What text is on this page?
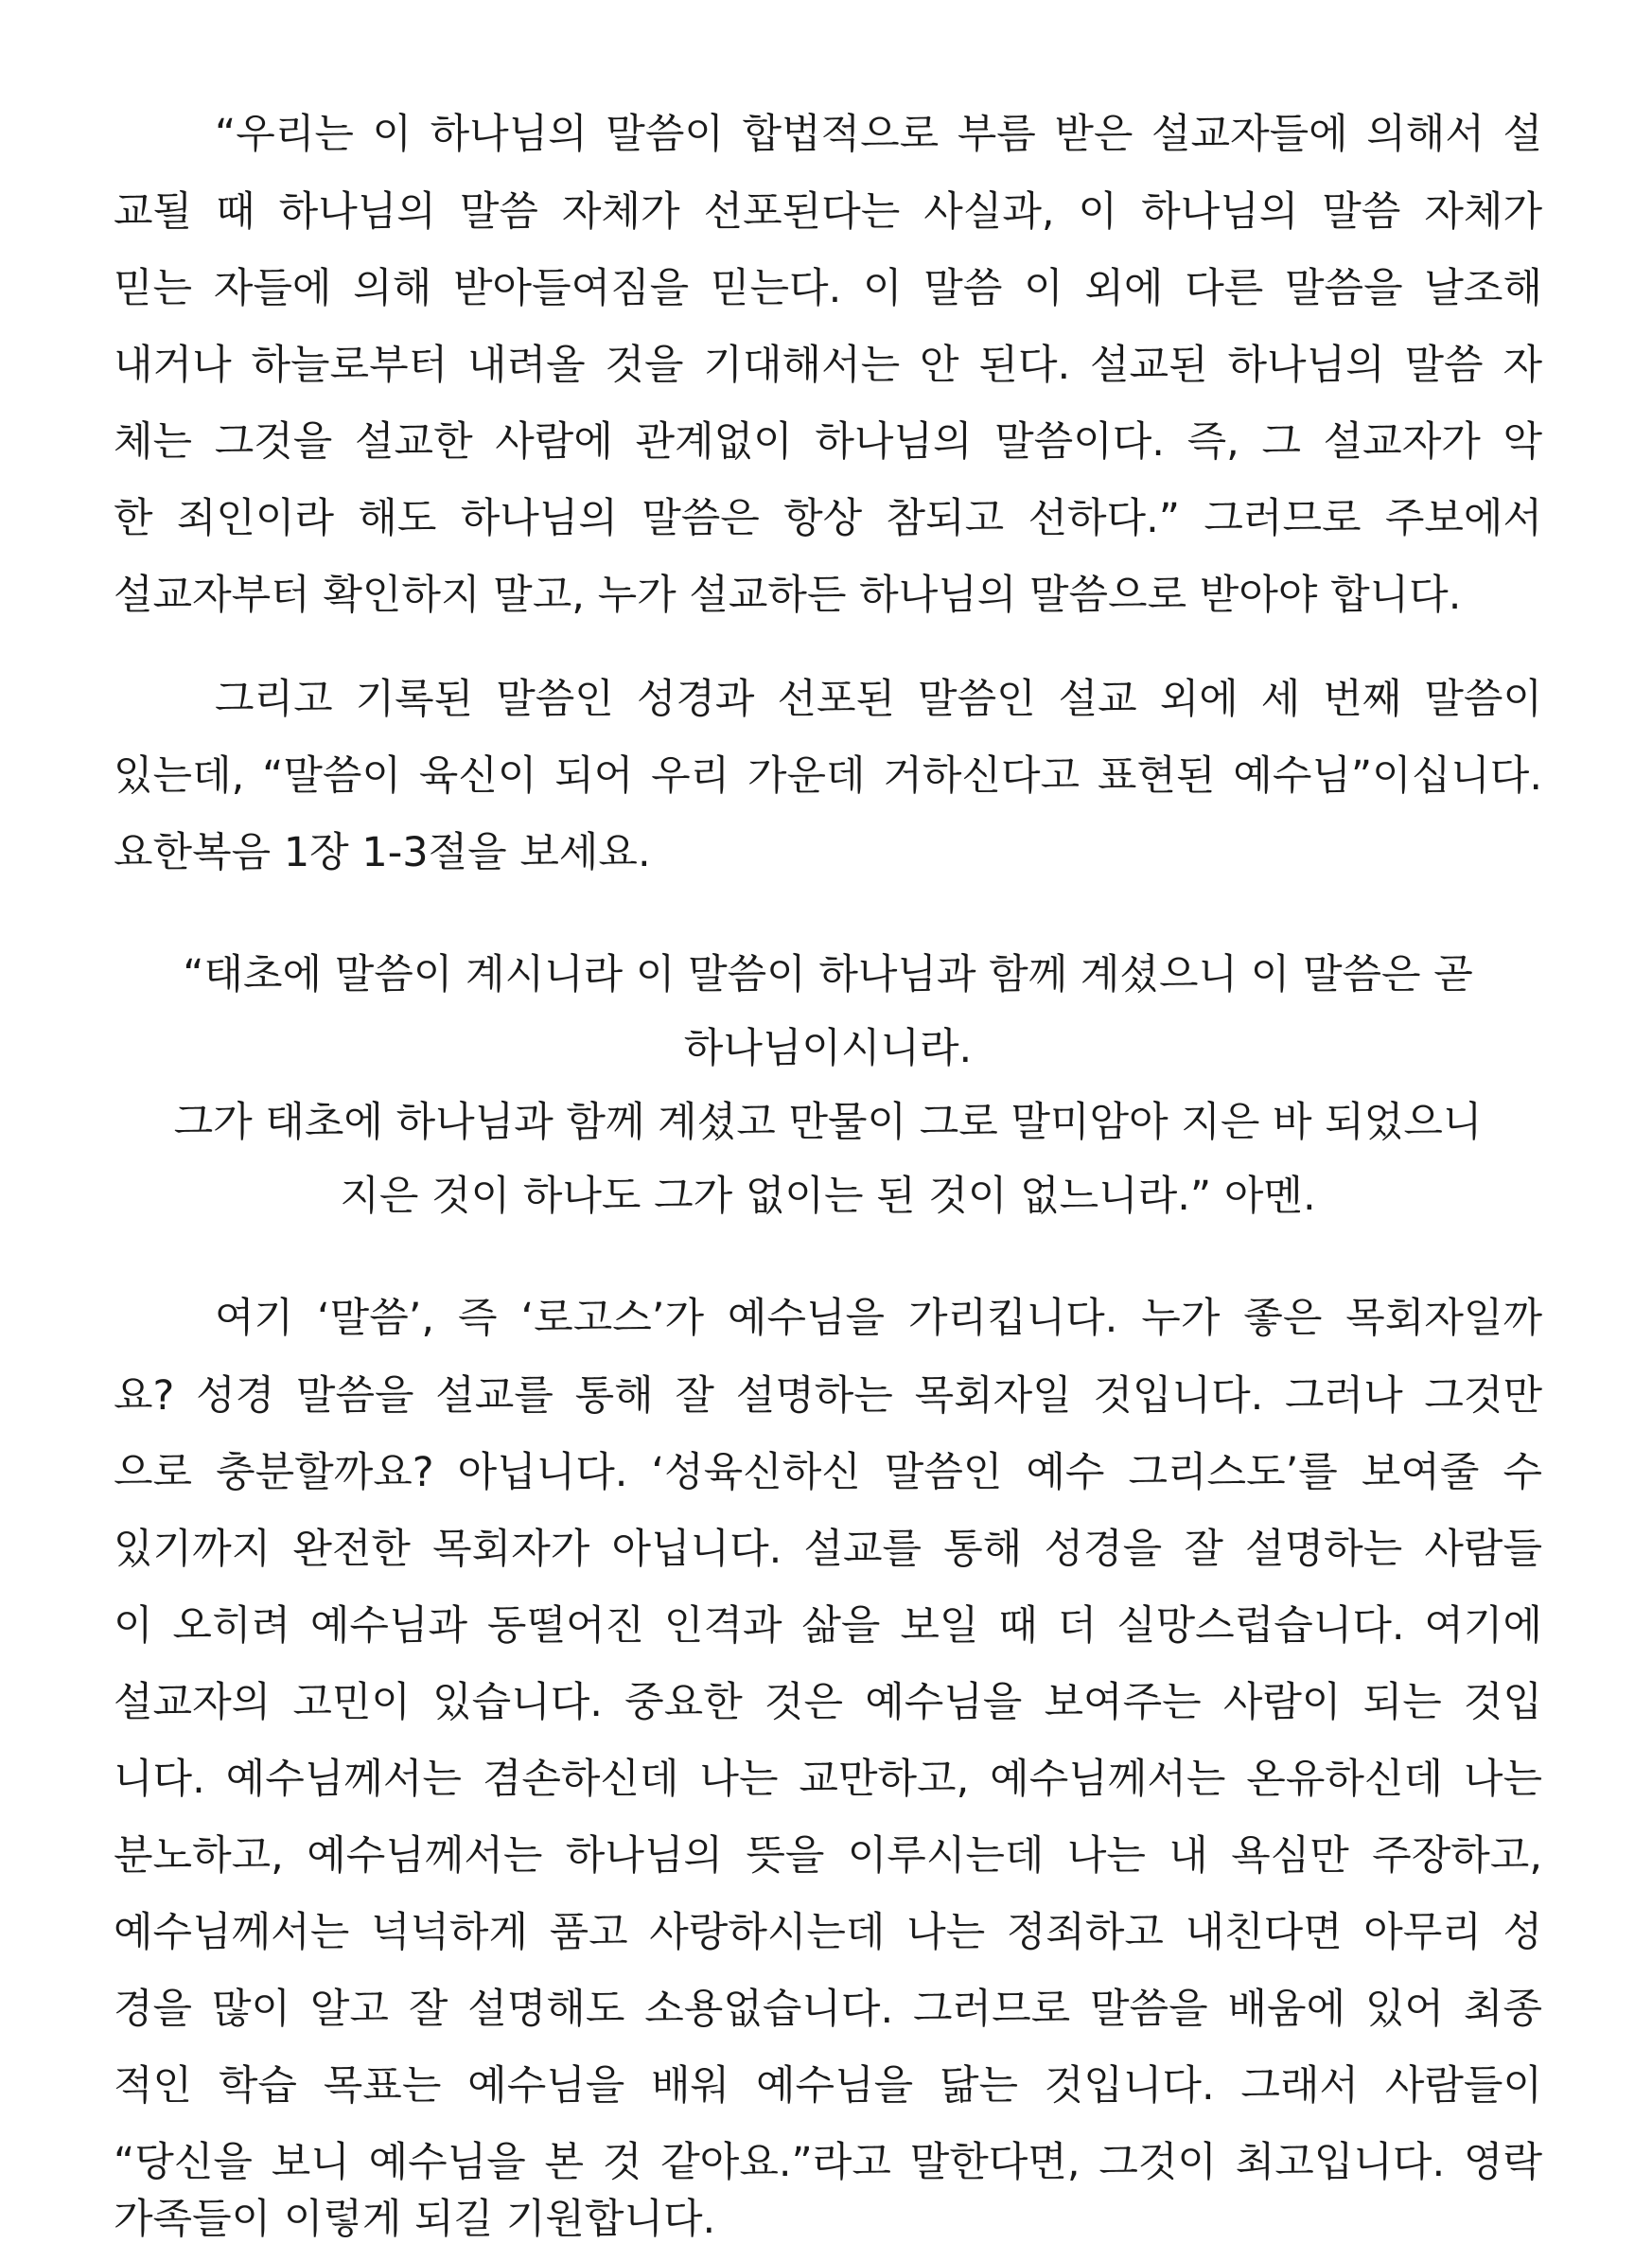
“우리는 이 하나님의 말씀이 합법적으로 부름 받은 설교자들에 의해서 설
교될 때 하나님의 말씀 자체가 선포된다는 사실과, 이 하나님의 말씀 자체가
믿는 자들에 의해 받아들여짐을 믿는다. 이 말씀 이 외에 다른 말씀을 날조해
내거나 하늘로부터 내려올 것을 기대해서는 안 된다. 설교된 하나님의 말씀 자
체는 그것을 설교한 사람에 관계없이 하나님의 말씀이다. 즉, 그 설교자가 악
한 죄인이라 해도 하나님의 말씀은 항상 참되고 선하다.” 그러므로 주보에서
설교자부터 확인하지 말고, 누가 설교하든 하나님의 말씀으로 받아야 합니다.
그리고 기록된 말씀인 성경과 선포된 말씀인 설교 외에 세 번째 말씀이
있는데, “말씀이 육신이 되어 우리 가운데 거하신다고 표현된 예수님”이십니다.
요한복음 1장 1-3절을 보세요.
“태초에 말씀이 계시니라 이 말씀이 하나님과 함께 계셨으니 이 말씀은 곧
하나님이시니라.
그가 태초에 하나님과 함께 계셨고 만물이 그로 말미암아 지은 바 되었으니
지은 것이 하나도 그가 없이는 된 것이 없느니라.” 아멘.
여기 ‘말씀’, 즉 ‘로고스’가 예수님을 가리킵니다. 누가 좋은 목회자일까
요? 성경 말씀을 설교를 통해 잘 설명하는 목회자일 것입니다. 그러나 그것만
으로 충분할까요? 아닙니다. ‘성육신하신 말씀인 예수 그리스도’를 보여줄 수
있기까지 완전한 목회자가 아닙니다. 설교를 통해 성경을 잘 설명하는 사람들
이 오히려 예수님과 동떨어진 인격과 삶을 보일 때 더 실망스럽습니다. 여기에
설교자의 고민이 있습니다. 중요한 것은 예수님을 보여주는 사람이 되는 것입
니다. 예수님께서는 겸손하신데 나는 교만하고, 예수님께서는 온유하신데 나는
분노하고, 예수님께서는 하나님의 뜻을 이루시는데 나는 내 욕심만 주장하고,
예수님께서는 넉넉하게 품고 사랑하시는데 나는 정죄하고 내친다면 아무리 성
경을 많이 알고 잘 설명해도 소용없습니다. 그러므로 말씀을 배움에 있어 최종
적인 학습 목표는 예수님을 배워 예수님을 닮는 것입니다. 그래서 사람들이
“당신을 보니 예수님을 본 것 같아요.”라고 말한다면, 그것이 최고입니다. 영락
가족들이 이렇게 되길 기원합니다.
